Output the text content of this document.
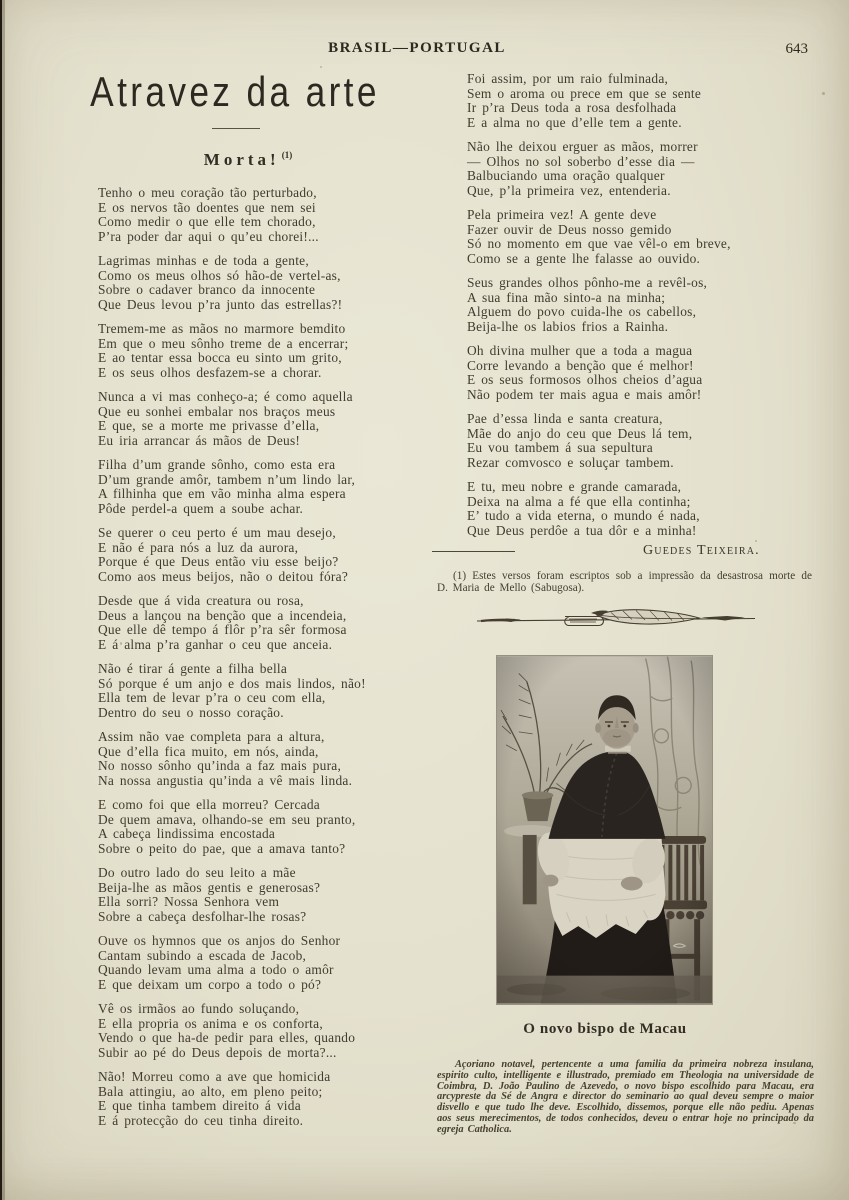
BRASIL—PORTUGAL	643
Atravez da arte
Morta! $^{(1)}$
Tenho o meu coração tão perturbado,
E os nervos tão doentes que nem sei
Como medir o que elle tem chorado,
P’ra poder dar aqui o qu’eu chorei!...
Lagrimas minhas e de toda a gente,
Como os meus olhos só hão-de vertel-as,
Sobre o cadaver branco da innocente
Que Deus levou p’ra junto das estrellas?!
Tremem-me as mãos no marmore bemdito
Em que o meu sônho treme de a encerrar;
E ao tentar essa bocca eu sinto um grito,
E os seus olhos desfazem-se a chorar.
Nunca a vi mas conheço-a; é como aquella
Que eu sonhei embalar nos braços meus
E que, se a morte me privasse d’ella,
Eu iria arrancar ás mãos de Deus!
Filha d’um grande sônho, como esta era
D’um grande amôr, tambem n’um lindo lar,
A filhinha que em vão minha alma espera
Pôde perdel-a quem a soube achar.
Se querer o ceu perto é um mau desejo,
E não é para nós a luz da aurora,
Porque é que Deus então viu esse beijo?
Como aos meus beijos, não o deitou fóra?
Desde que á vida creatura ou rosa,
Deus a lançou na benção que a incendeia,
Que elle dê tempo á flôr p’ra sêr formosa
E á alma p’ra ganhar o ceu que anceia.
Não é tirar á gente a filha bella
Só porque é um anjo e dos mais lindos, não!
Ella tem de levar p’ra o ceu com ella,
Dentro do seu o nosso coração.
Assim não vae completa para a altura,
Que d’ella fica muito, em nós, ainda,
No nosso sônho qu’inda a faz mais pura,
Na nossa angustia qu’inda a vê mais linda.
E como foi que ella morreu? Cercada
De quem amava, olhando-se em seu pranto,
A cabeça lindissima encostada
Sobre o peito do pae, que a amava tanto?
Do outro lado do seu leito a mãe
Beija-lhe as mãos gentis e generosas?
Ella sorri? Nossa Senhora vem
Sobre a cabeça desfolhar-lhe rosas?
Ouve os hymnos que os anjos do Senhor
Cantam subindo a escada de Jacob,
Quando levam uma alma a todo o amôr
E que deixam um corpo a todo o pó?
Vê os irmãos ao fundo soluçando,
E ella propria os anima e os conforta,
Vendo o que ha-de pedir para elles, quando
Subir ao pé do Deus depois de morta?...
Não! Morreu como a ave que homicida
Bala attingiu, ao alto, em pleno peito;
E que tinha tambem direito á vida
E á protecção do ceu tinha direito.
Foi assim, por um raio fulminada,
Sem o aroma ou prece em que se sente
Ir p’ra Deus toda a rosa desfolhada
E a alma no que d’elle tem a gente.
Não lhe deixou erguer as mãos, morrer
— Olhos no sol soberbo d’esse dia —
Balbuciando uma oração qualquer
Que, p’la primeira vez, entenderia.
Pela primeira vez! A gente deve
Fazer ouvir de Deus nosso gemido
Só no momento em que vae vêl-o em breve,
Como se a gente lhe falasse ao ouvido.
Seus grandes olhos pônho-me a revêl-os,
A sua fina mão sinto-a na minha;
Alguem do povo cuida-lhe os cabellos,
Beija-lhe os labios frios a Rainha.
Oh divina mulher que a toda a magua
Corre levando a benção que é melhor!
E os seus formosos olhos cheios d’agua
Não podem ter mais agua e mais amôr!
Pae d’essa linda e santa creatura,
Mãe do anjo do ceu que Deus lá tem,
Eu vou tambem á sua sepultura
Rezar comvosco e soluçar tambem.
E tu, meu nobre e grande camarada,
Deixa na alma a fé que ella continha;
E’ tudo a vida eterna, o mundo é nada,
Que Deus perdôe a tua dôr e a minha!
Guedes Teixeira.
(1) Estes versos foram escriptos sob a impressão da desastrosa morte de D. Maria de Mello (Sabugosa).
O novo bispo de Macau
Açoriano notavel, pertencente a uma familia da primeira nobreza insulana, espirito culto, intelligente e illustrado, premiado em Theologia na universidade de Coimbra, D. João Paulino de Azevedo, o novo bispo escolhido para Macau, era arcypreste da Sé de Angra e director do seminario ao qual deveu sempre o maior disvello e que tudo lhe deve. Escolhido, dissemos, porque elle não pediu. Apenas aos seus merecimentos, de todos conhecidos, deveu o entrar hoje no principado da egreja Catholica.
